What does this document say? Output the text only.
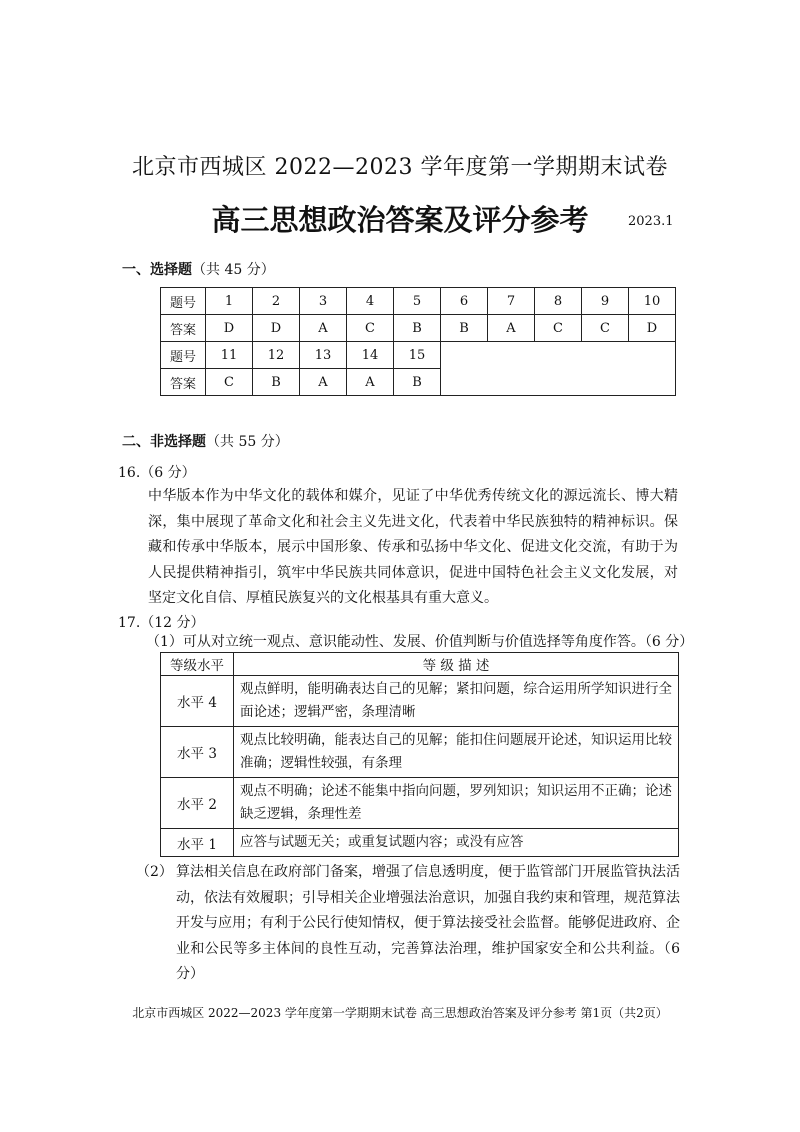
北京市西城区 2022—2023 学年度第一学期期末试卷
高三思想政治答案及评分参考	2023.1
一、选择题（共 45 分）
题号	1	2	3	4	5	6	7	8	9	10
答案	D	D	A	C	B	B	A	C	C	D
题号	11	12	13	14	15					
答案	C	B	A	A	B					
二、非选择题（共 55 分）
16.（6 分）
中华版本作为中华文化的载体和媒介，见证了中华优秀传统文化的源远流长、博大精深，集中展现了革命文化和社会主义先进文化，代表着中华民族独特的精神标识。保藏和传承中华版本，展示中国形象、传承和弘扬中华文化、促进文化交流，有助于为人民提供精神指引，筑牢中华民族共同体意识，促进中国特色社会主义文化发展，对坚定文化自信、厚植民族复兴的文化根基具有重大意义。
17.（12 分）
（1）可从对立统一观点、意识能动性、发展、价值判断与价值选择等角度作答。（6 分）
等级水平	等 级 描 述
水平 4	观点鲜明，能明确表达自己的见解；紧扣问题，综合运用所学知识进行全面论述；逻辑严密，条理清晰
水平 3	观点比较明确，能表达自己的见解；能扣住问题展开论述，知识运用比较准确；逻辑性较强，有条理
水平 2	观点不明确；论述不能集中指向问题，罗列知识；知识运用不正确；论述缺乏逻辑，条理性差
水平 1	应答与试题无关；或重复试题内容；或没有应答
（2） 算法相关信息在政府部门备案，增强了信息透明度，便于监管部门开展监管执法活动，依法有效履职；引导相关企业增强法治意识，加强自我约束和管理，规范算法开发与应用；有利于公民行使知情权，便于算法接受社会监督。能够促进政府、企业和公民等多主体间的良性互动，完善算法治理，维护国家安全和公共利益。（6 分）
北京市西城区 2022—2023 学年度第一学期期末试卷 高三思想政治答案及评分参考 第1页（共2页）
